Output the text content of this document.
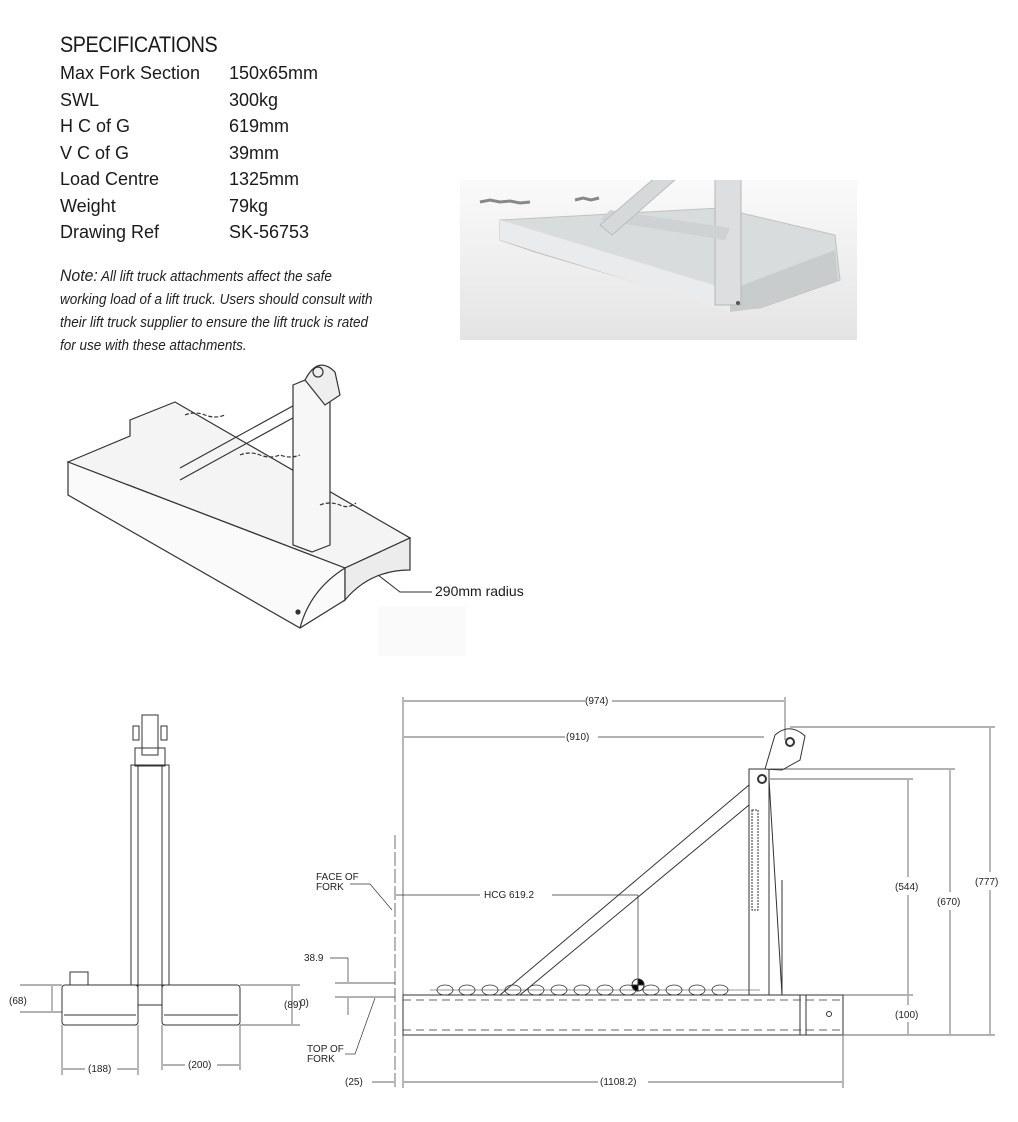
SPECIFICATIONS
Max Fork Section	150x65mm
SWL	300kg
H C of G	619mm
V C of G	39mm
Load Centre	1325mm
Weight	79kg
Drawing Ref	SK-56753
Note: All lift truck attachments affect the safe working load of a lift truck. Users should consult with their lift truck supplier to ensure the lift truck is rated for use with these attachments.
(68)	(89)
(188)	(200)
(974)
(910)
(777)
(670)
(544)
(100)
(1108.2)
(25)
HCG 619.2
38.9
0)
FACE OF
FORK
TOP OF
FORK
290mm radius
